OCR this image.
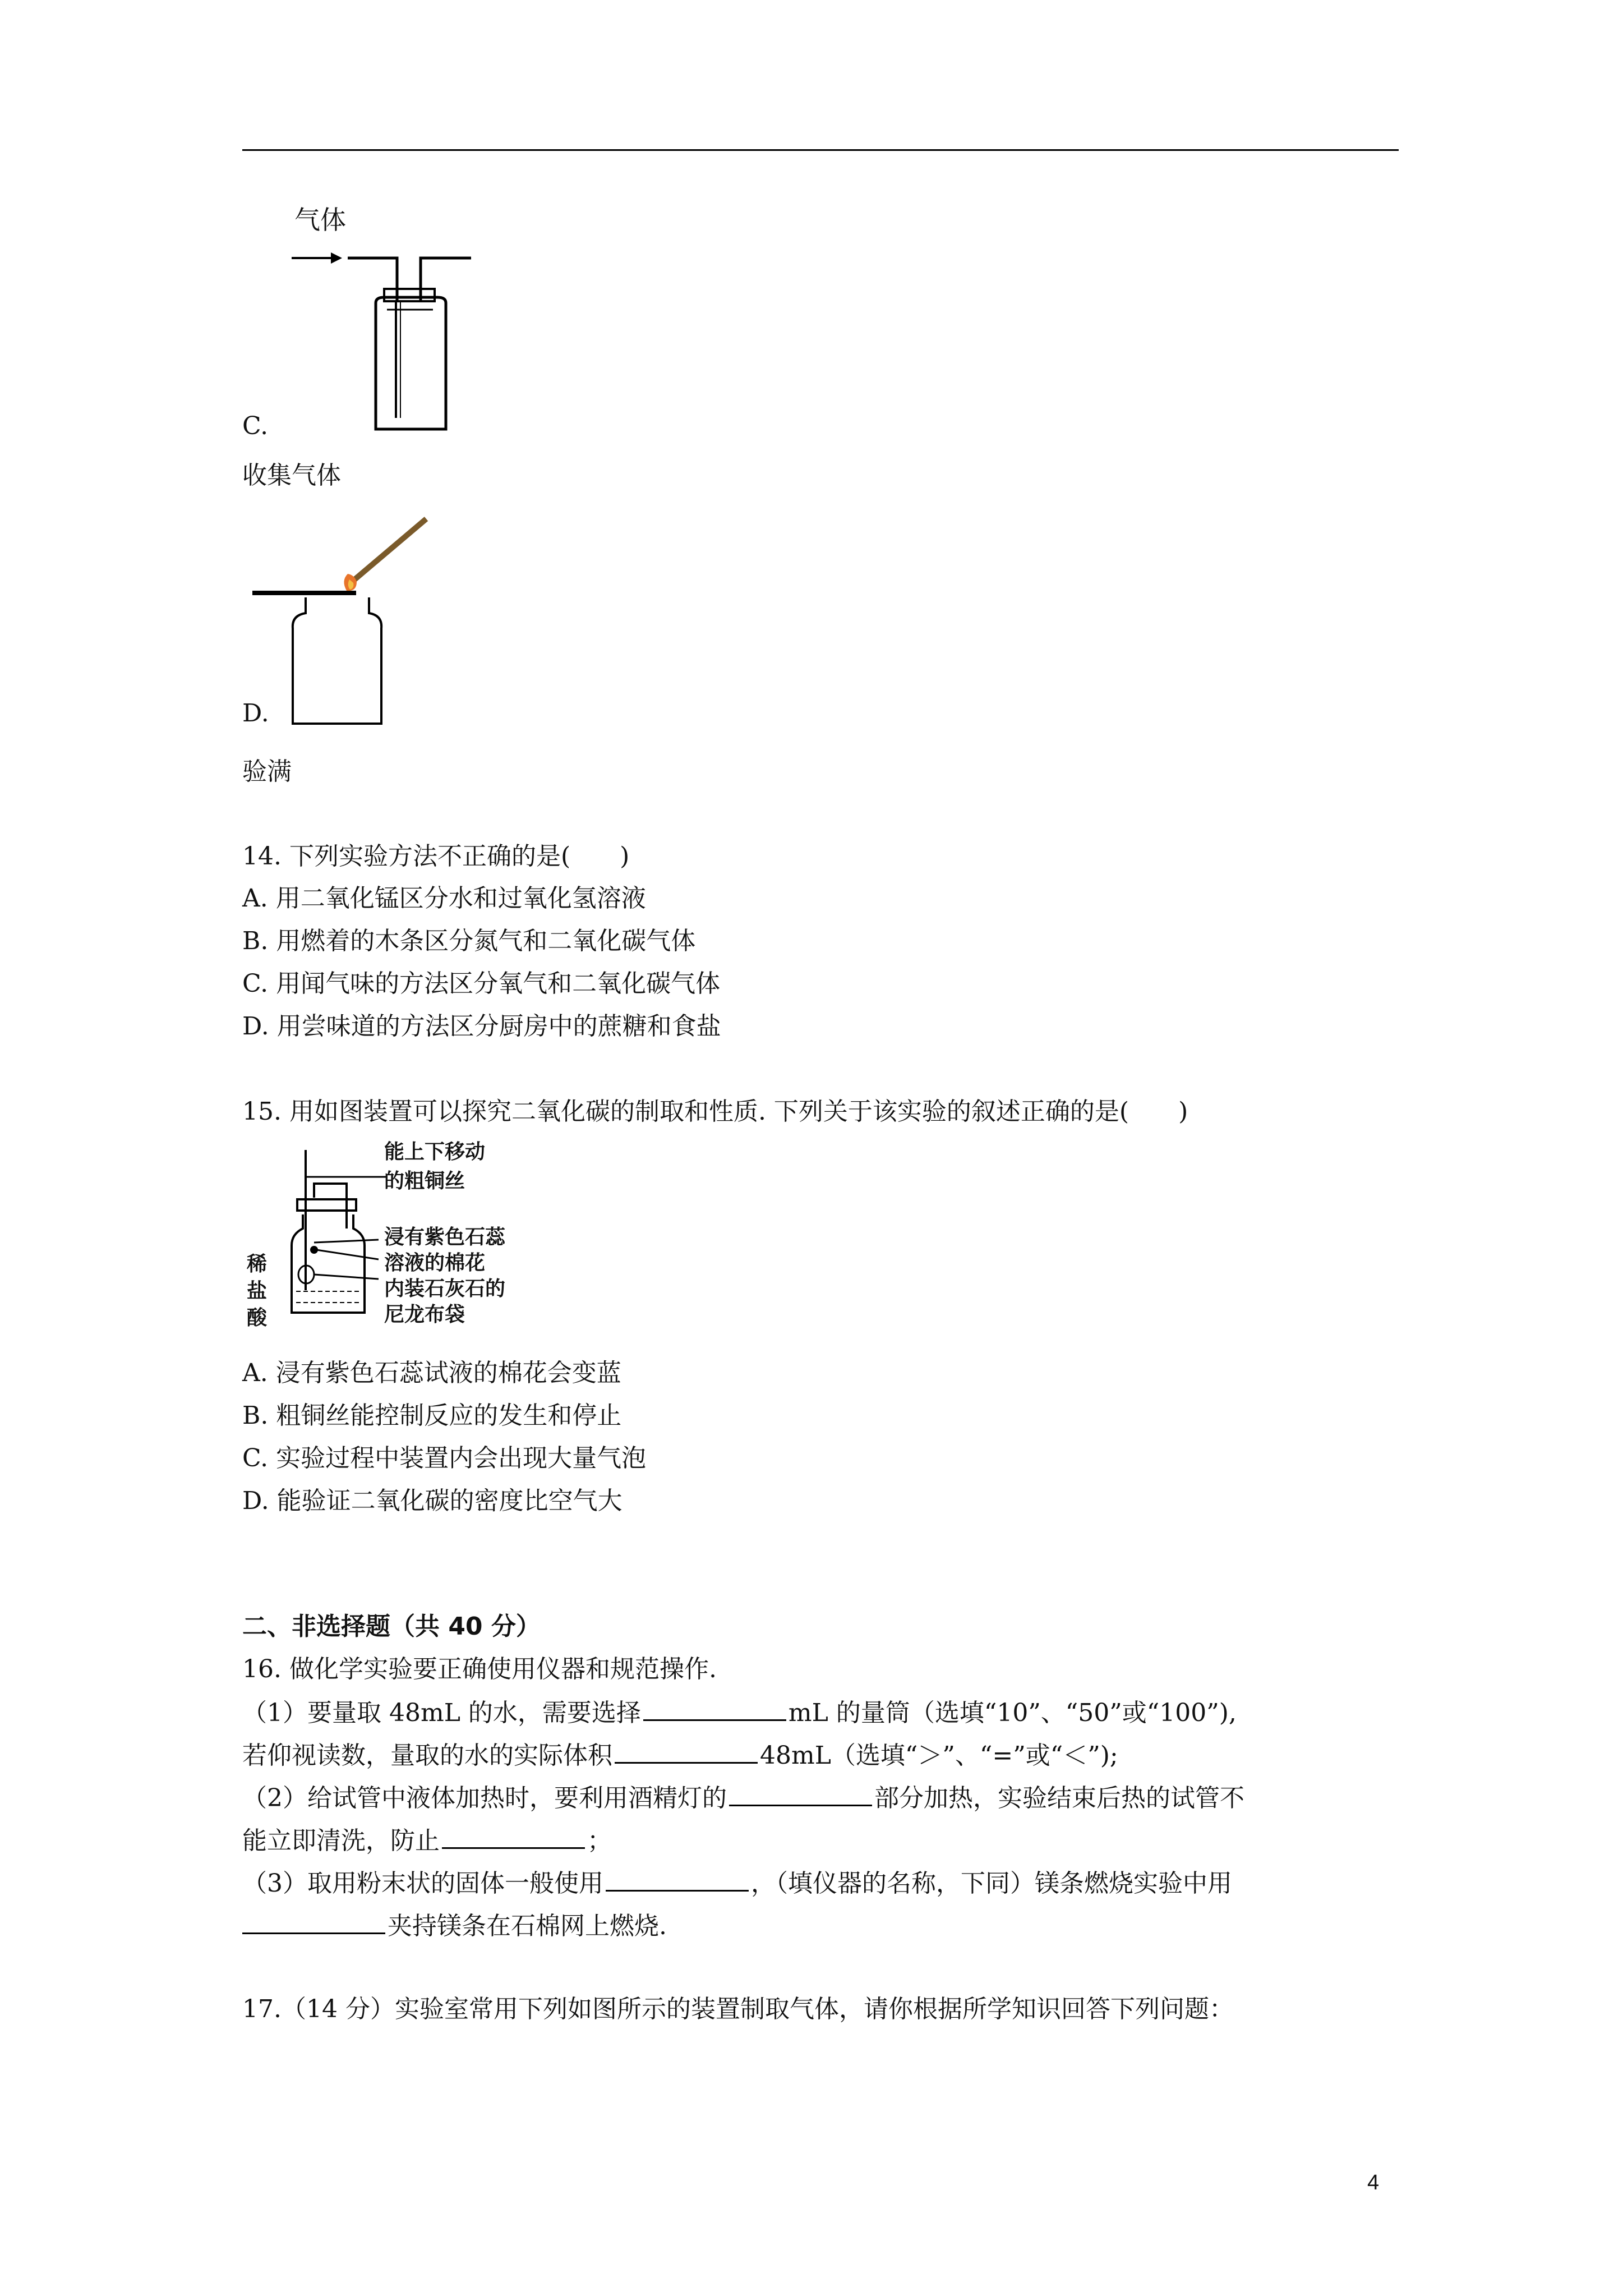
气体
C.
收集气体
D.
验满
14. 下列实验方法不正确的是(　　)
A. 用二氧化锰区分水和过氧化氢溶液
B. 用燃着的木条区分氮气和二氧化碳气体
C. 用闻气味的方法区分氧气和二氧化碳气体
D. 用尝味道的方法区分厨房中的蔗糖和食盐
15. 用如图装置可以探究二氧化碳的制取和性质. 下列关于该实验的叙述正确的是(　　)
能上下移动
的粗铜丝
浸有紫色石蕊
溶液的棉花
内装石灰石的
尼龙布袋
稀
盐
酸
A. 浸有紫色石蕊试液的棉花会变蓝
B. 粗铜丝能控制反应的发生和停止
C. 实验过程中装置内会出现大量气泡
D. 能验证二氧化碳的密度比空气大
二、非选择题（共 40 分）
16. 做化学实验要正确使用仪器和规范操作.
（1）要量取 48mL 的水，需要选择	mL 的量筒（选填“10”、“50”或“100”),
若仰视读数，量取的水的实际体积	48mL（选填“＞”、“=”或“＜”);
（2）给试管中液体加热时，要利用酒精灯的	部分加热，实验结束后热的试管不
能立即清洗，防止	；
（3）取用粉末状的固体一般使用	，（填仪器的名称，下同）镁条燃烧实验中用
夹持镁条在石棉网上燃烧.
17.（14 分）实验室常用下列如图所示的装置制取气体，请你根据所学知识回答下列问题：
4
